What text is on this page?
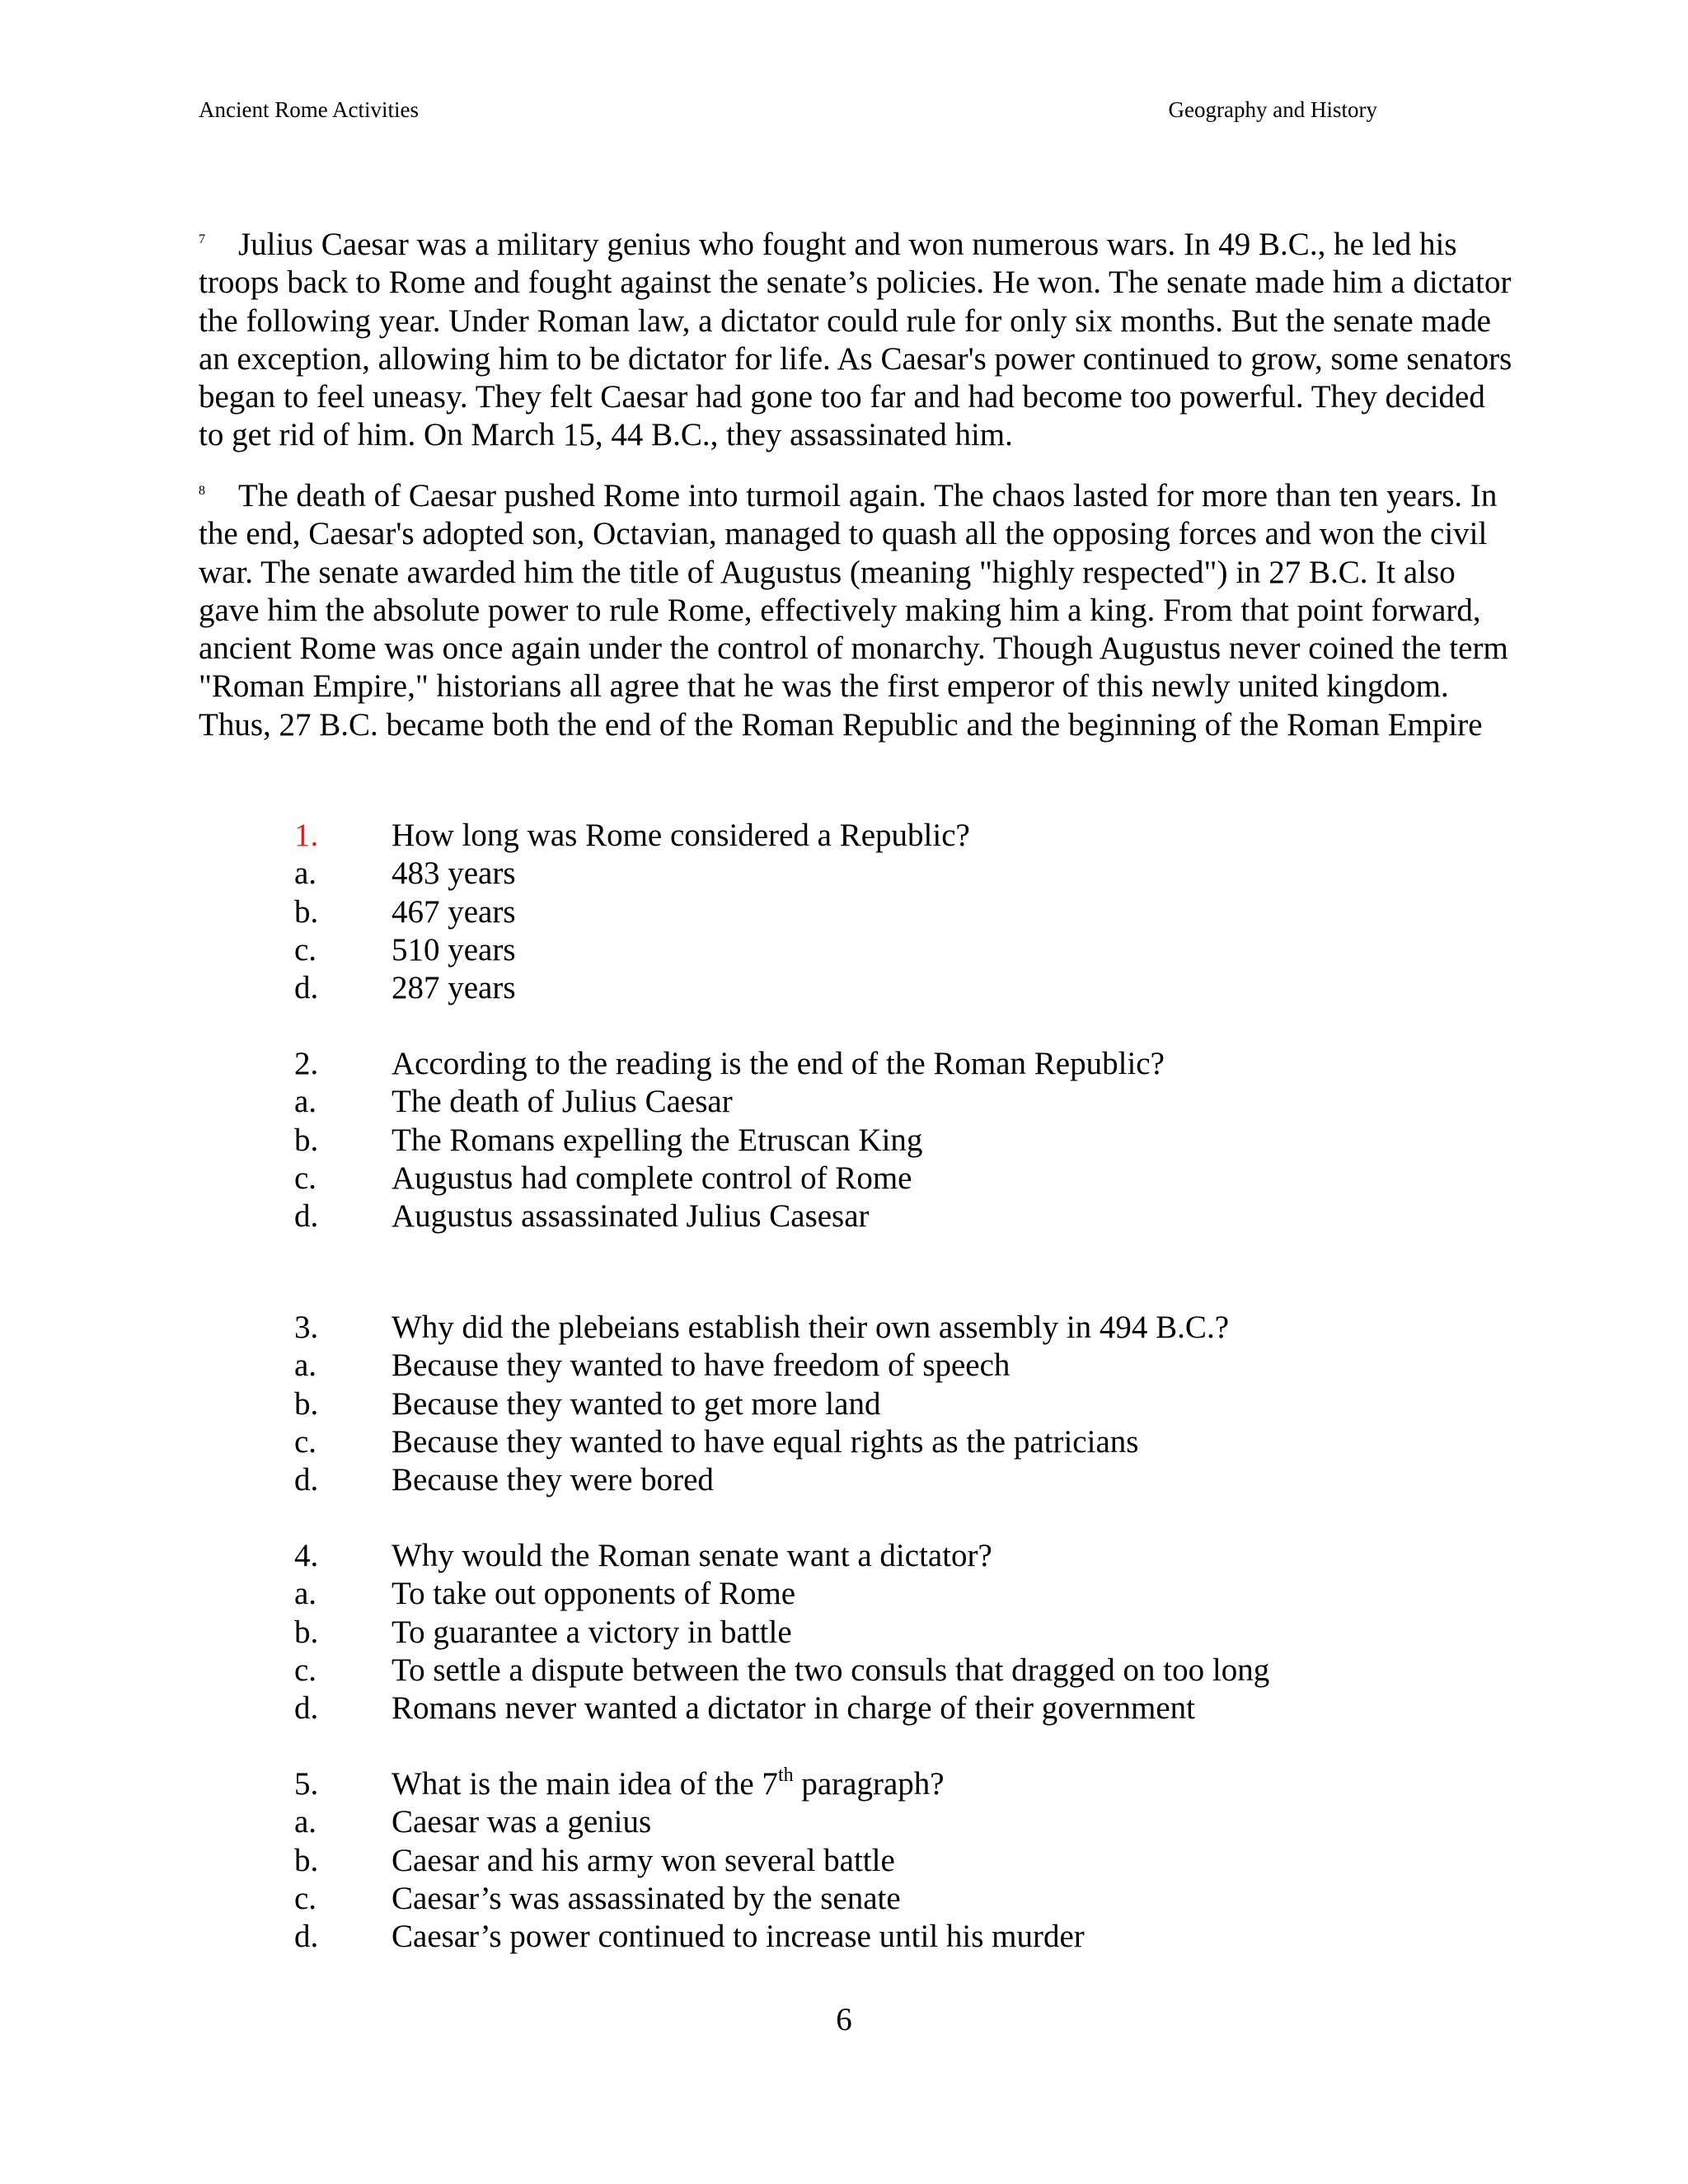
Ancient Rome Activities	Geography and History

$^7$ Julius Caesar was a military genius who fought and won numerous wars. In 49 B.C., he led his troops back to Rome and fought against the senate’s policies. He won. The senate made him a dictator the following year. Under Roman law, a dictator could rule for only six months. But the senate made an exception, allowing him to be dictator for life. As Caesar's power continued to grow, some senators began to feel uneasy. They felt Caesar had gone too far and had become too powerful. They decided to get rid of him. On March 15, 44 B.C., they assassinated him.

$^8$ The death of Caesar pushed Rome into turmoil again. The chaos lasted for more than ten years. In the end, Caesar's adopted son, Octavian, managed to quash all the opposing forces and won the civil war. The senate awarded him the title of Augustus (meaning "highly respected") in 27 B.C. It also gave him the absolute power to rule Rome, effectively making him a king. From that point forward, ancient Rome was once again under the control of monarchy. Though Augustus never coined the term "Roman Empire," historians all agree that he was the first emperor of this newly united kingdom. Thus, 27 B.C. became both the end of the Roman Republic and the beginning of the Roman Empire

1.	How long was Rome considered a Republic?
a.	483 years
b.	467 years
c.	510 years
d.	287 years
2.	According to the reading is the end of the Roman Republic?
a.	The death of Julius Caesar
b.	The Romans expelling the Etruscan King
c.	Augustus had complete control of Rome
d.	Augustus assassinated Julius Casesar
3.	Why did the plebeians establish their own assembly in 494 B.C.?
a.	Because they wanted to have freedom of speech
b.	Because they wanted to get more land
c.	Because they wanted to have equal rights as the patricians
d.	Because they were bored
4.	Why would the Roman senate want a dictator?
a.	To take out opponents of Rome
b.	To guarantee a victory in battle
c.	To settle a dispute between the two consuls that dragged on too long
d.	Romans never wanted a dictator in charge of their government
5.	What is the main idea of the 7th paragraph?
a.	Caesar was a genius
b.	Caesar and his army won several battle
c.	Caesar’s was assassinated by the senate
d.	Caesar’s power continued to increase until his murder
6
